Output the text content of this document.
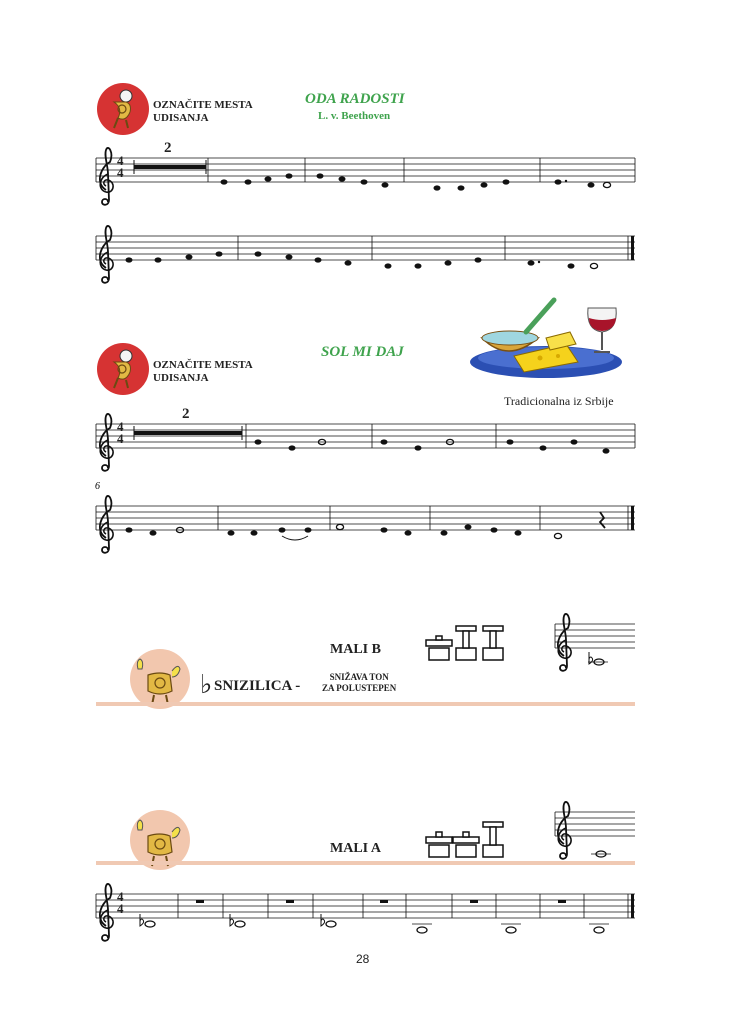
OZNAČITE MESTA
UDISANJA
ODA RADOSTI
L. v. Beethoven
OZNAČITE MESTA
UDISANJA
SOL MI DAJ
Tradicionalna iz Srbije
MALI B
♭ SNIZILICA -
SNIŽAVA TON
ZA POLUSTEPEN
MALI A
4
4
2
4
4
2
6
4
4
28
